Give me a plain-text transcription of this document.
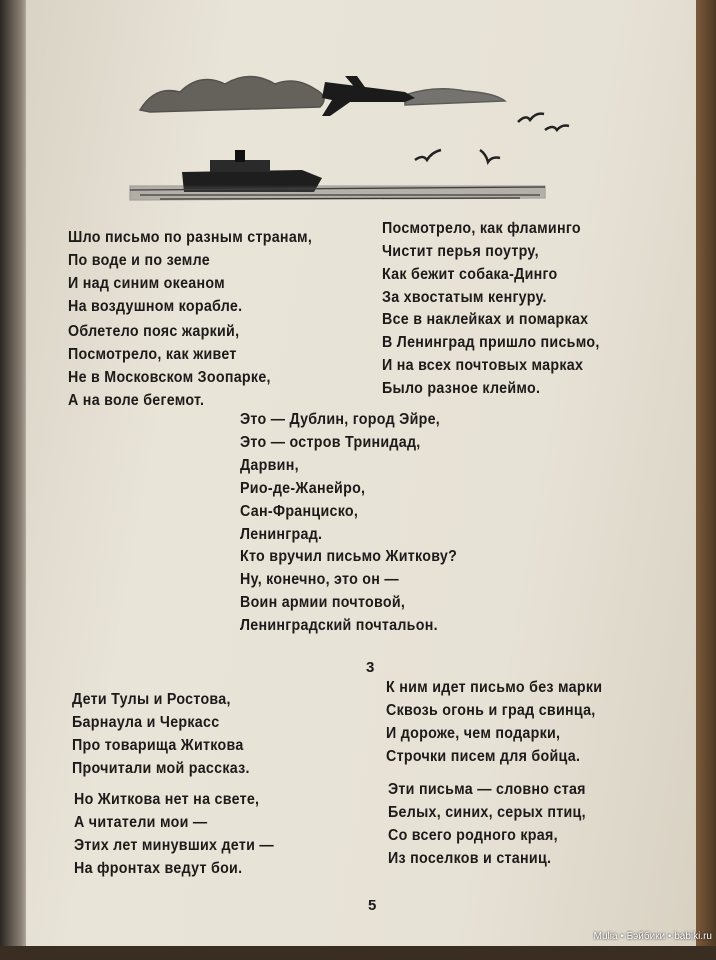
Шло письмо по разным странам,
По воде и по земле
И над синим океаном
На воздушном корабле.
Облетело пояс жаркий,
Посмотрело, как живет
Не в Московском Зоопарке,
А на воле бегемот.
Посмотрело, как фламинго
Чистит перья поутру,
Как бежит собака-Динго
За хвостатым кенгуру.
Все в наклейках и помарках
В Ленинград пришло письмо,
И на всех почтовых марках
Было разное клеймо.
Это — Дублин, город Эйре,
Это — остров Тринидад,
Дарвин,
Рио-де-Жанейро,
Сан-Франциско,
Ленинград.
Кто вручил письмо Житкову?
Ну, конечно, это он —
Воин армии почтовой,
Ленинградский почтальон.
3
Дети Тулы и Ростова,
Барнаула и Черкасс
Про товарища Житкова
Прочитали мой рассказ.
Но Житкова нет на свете,
А читатели мои —
Этих лет минувших дети —
На фронтах ведут бои.
К ним идет письмо без марки
Сквозь огонь и град свинца,
И дороже, чем подарки,
Строчки писем для бойца.
Эти письма — словно стая
Белых, синих, серых птиц,
Со всего родного края,
Из поселков и станиц.
5
Mulia • Бэйбики • babiki.ru
